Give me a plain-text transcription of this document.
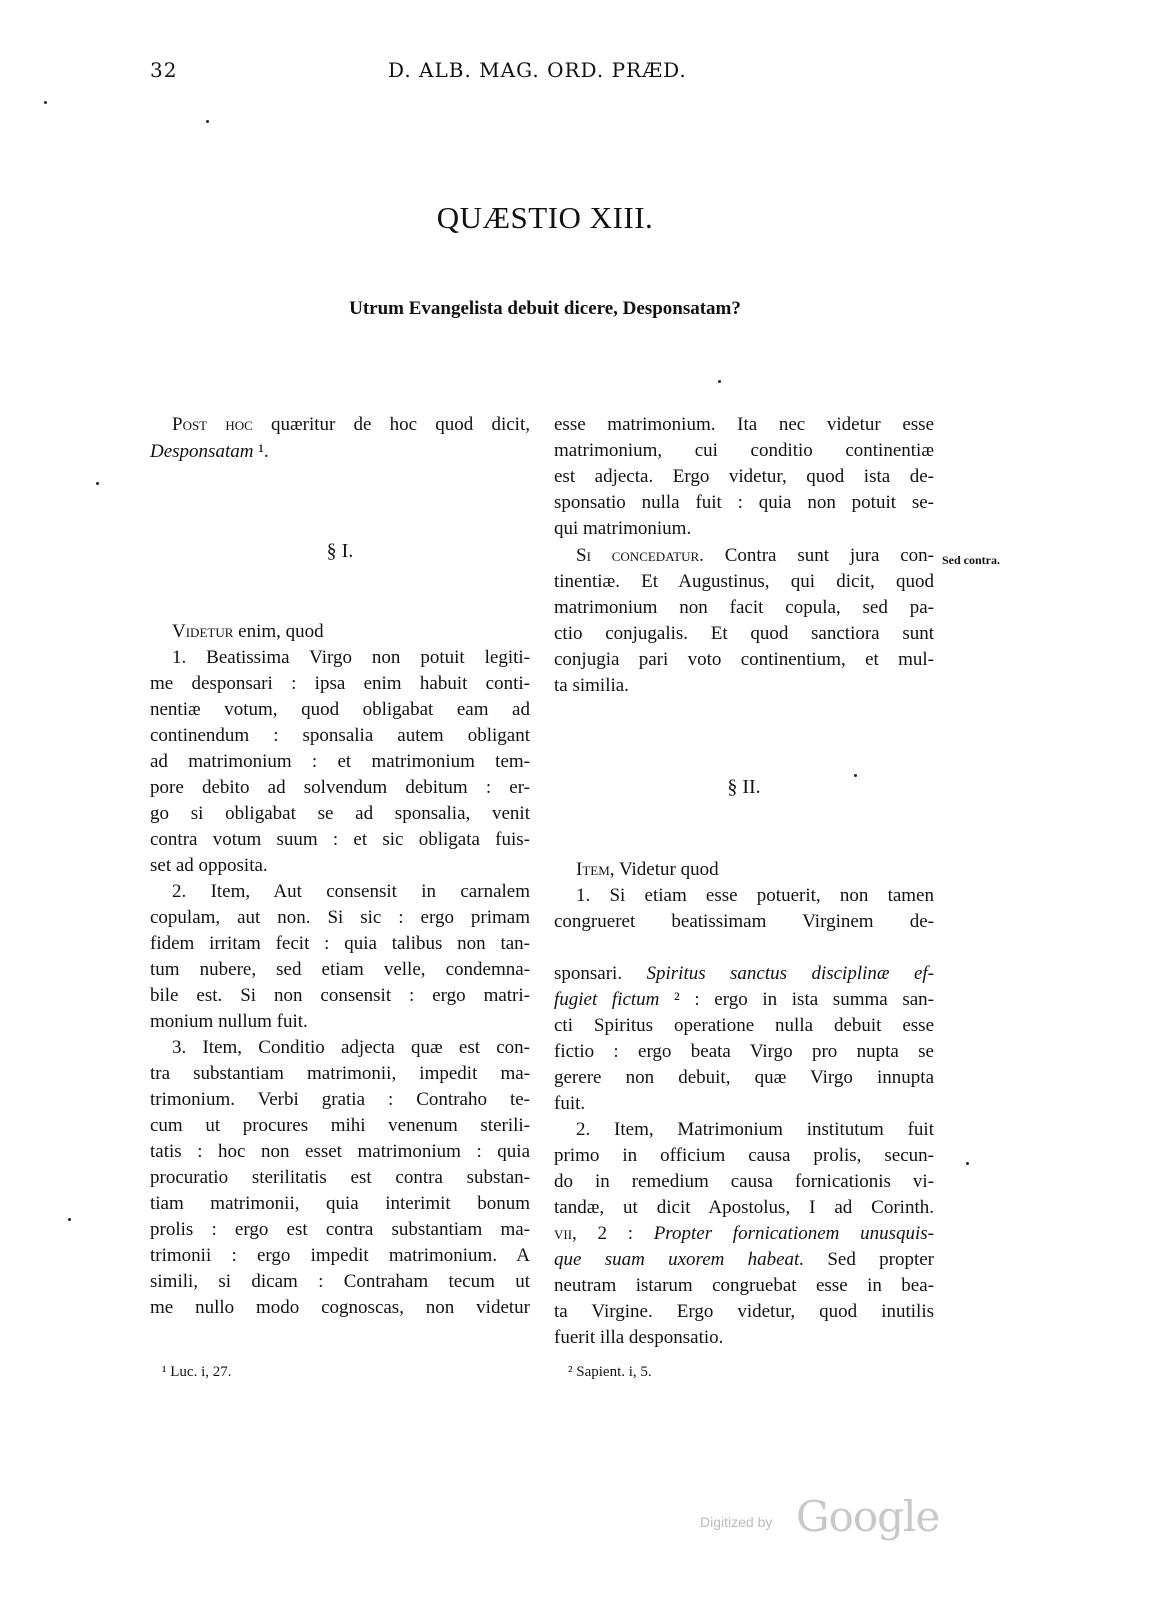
32	D. ALB. MAG. ORD. PRÆD.
QUÆSTIO XIII.
Utrum Evangelista debuit dicere, Desponsatam?
Post hoc quæritur de hoc quod dicit,
Desponsatam ¹.
§ I.
Videtur enim, quod
1. Beatissima Virgo non potuit legiti-
me desponsari : ipsa enim habuit conti-
nentiæ votum, quod obligabat eam ad
continendum : sponsalia autem obligant
ad matrimonium : et matrimonium tem-
pore debito ad solvendum debitum : er-
go si obligabat se ad sponsalia, venit
contra votum suum : et sic obligata fuis-
set ad opposita.
2. Item, Aut consensit in carnalem
copulam, aut non. Si sic : ergo primam
fidem irritam fecit : quia talibus non tan-
tum nubere, sed etiam velle, condemna-
bile est. Si non consensit : ergo matri-
monium nullum fuit.
3. Item, Conditio adjecta quæ est con-
tra substantiam matrimonii, impedit ma-
trimonium. Verbi gratia : Contraho te-
cum ut procures mihi venenum sterili-
tatis : hoc non esset matrimonium : quia
procuratio sterilitatis est contra substan-
tiam matrimonii, quia interimit bonum
prolis : ergo est contra substantiam ma-
trimonii : ergo impedit matrimonium. A
simili, si dicam : Contraham tecum ut
me nullo modo cognoscas, non videtur
esse matrimonium. Ita nec videtur esse
matrimonium, cui conditio continentiæ
est adjecta. Ergo videtur, quod ista de-
sponsatio nulla fuit : quia non potuit se-
qui matrimonium.
Si concedatur. Contra sunt jura con-
tinentiæ. Et Augustinus, qui dicit, quod
matrimonium non facit copula, sed pa-
ctio conjugalis. Et quod sanctiora sunt
conjugia pari voto continentium, et mul-
ta similia.
§ II.
Item, Videtur quod
1. Si etiam esse potuerit, non tamen
congrueret beatissimam Virginem de-
sponsari. Spiritus sanctus disciplinæ ef-
fugiet fictum ² : ergo in ista summa san-
cti Spiritus operatione nulla debuit esse
fictio : ergo beata Virgo pro nupta se
gerere non debuit, quæ Virgo innupta
fuit.
2. Item, Matrimonium institutum fuit
primo in officium causa prolis, secun-
do in remedium causa fornicationis vi-
tandæ, ut dicit Apostolus, I ad Corinth.
vii, 2 : Propter fornicationem unusquis-
que suam uxorem habeat. Sed propter
neutram istarum congruebat esse in bea-
ta Virgine. Ergo videtur, quod inutilis
fuerit illa desponsatio.
Sed contra.
¹ Luc. i, 27.	² Sapient. i, 5.
Digitized by Google
